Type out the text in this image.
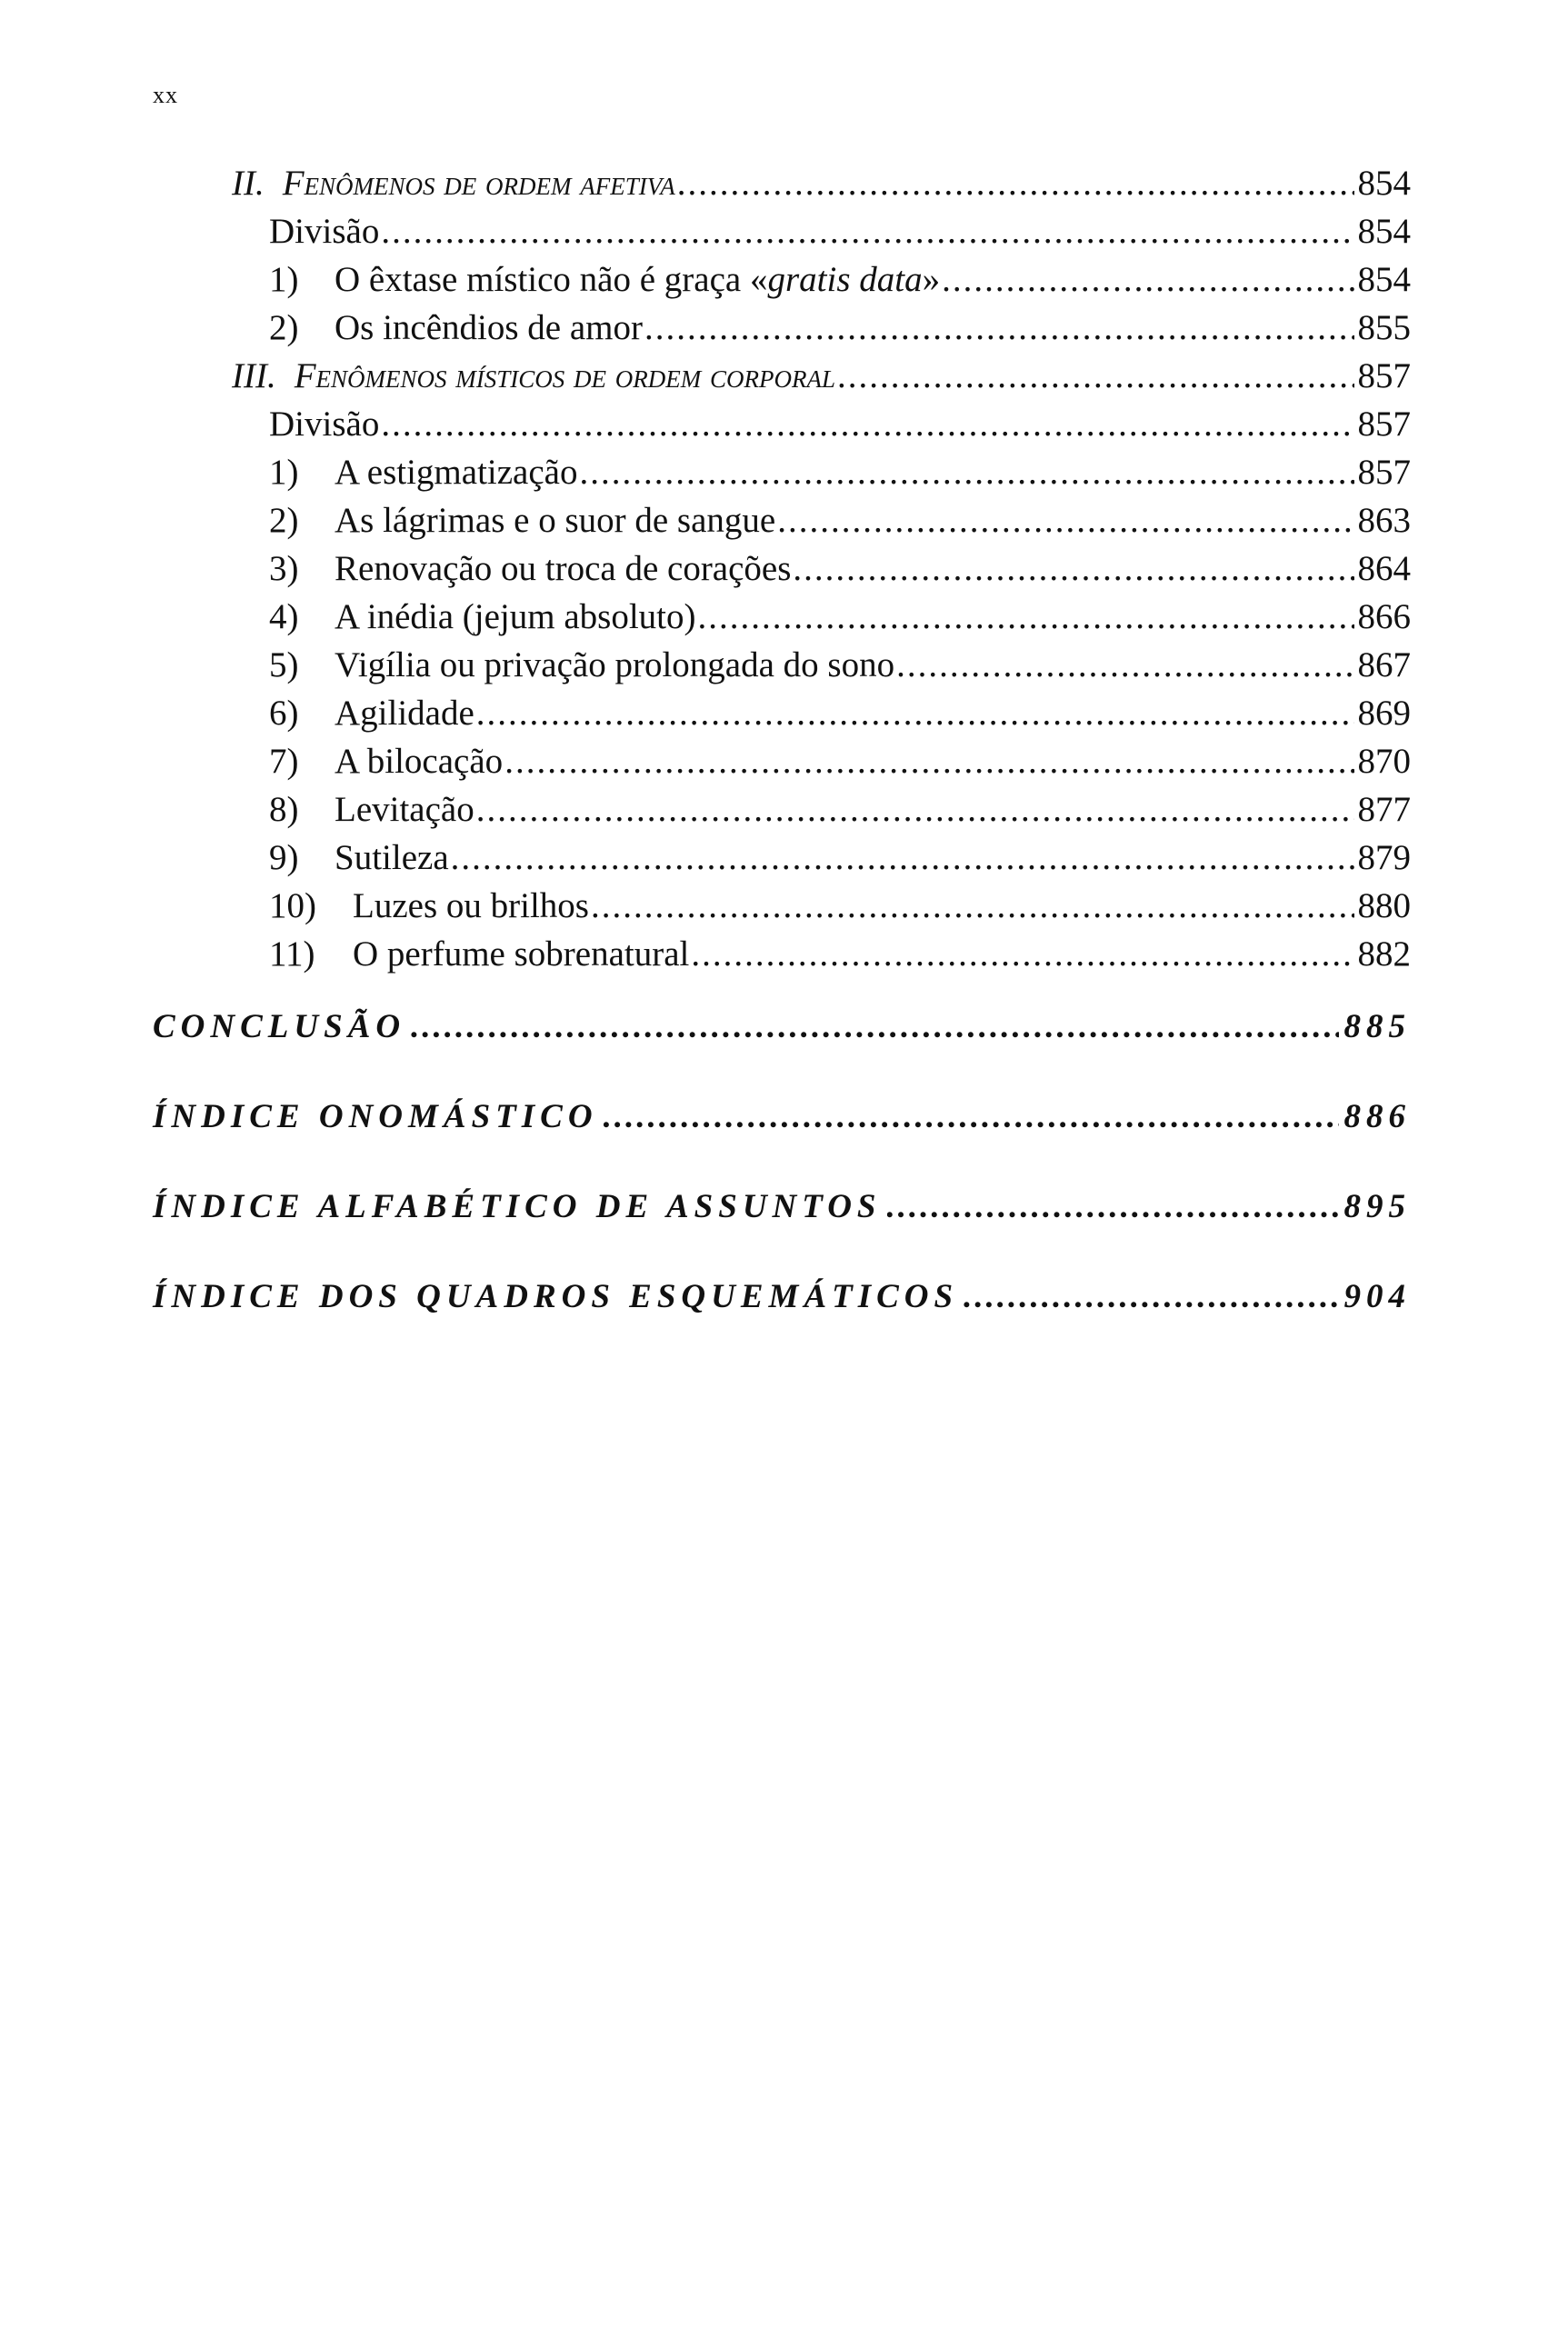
xx
II. Fenômenos de ordem afetiva .....	854
Divisão .....	854
1)	O êxtase místico não é graça «gratis data» .....	854
2)	Os incêndios de amor .....	855
III. Fenômenos místicos de ordem corporal .....	857
Divisão .....	857
1)	A estigmatização .....	857
2)	As lágrimas e o suor de sangue .....	863
3)	Renovação ou troca de corações .....	864
4)	A inédia (jejum absoluto) .....	866
5)	Vigília ou privação prolongada do sono .....	867
6)	Agilidade .....	869
7)	A bilocação .....	870
8)	Levitação .....	877
9)	Sutileza .....	879
10)	Luzes ou brilhos .....	880
11)	O perfume sobrenatural .....	882
CONCLUSÃO .....	885
ÍNDICE ONOMÁSTICO .....	886
ÍNDICE ALFABÉTICO DE ASSUNTOS .....	895
ÍNDICE DOS QUADROS ESQUEMÁTICOS .....	904
